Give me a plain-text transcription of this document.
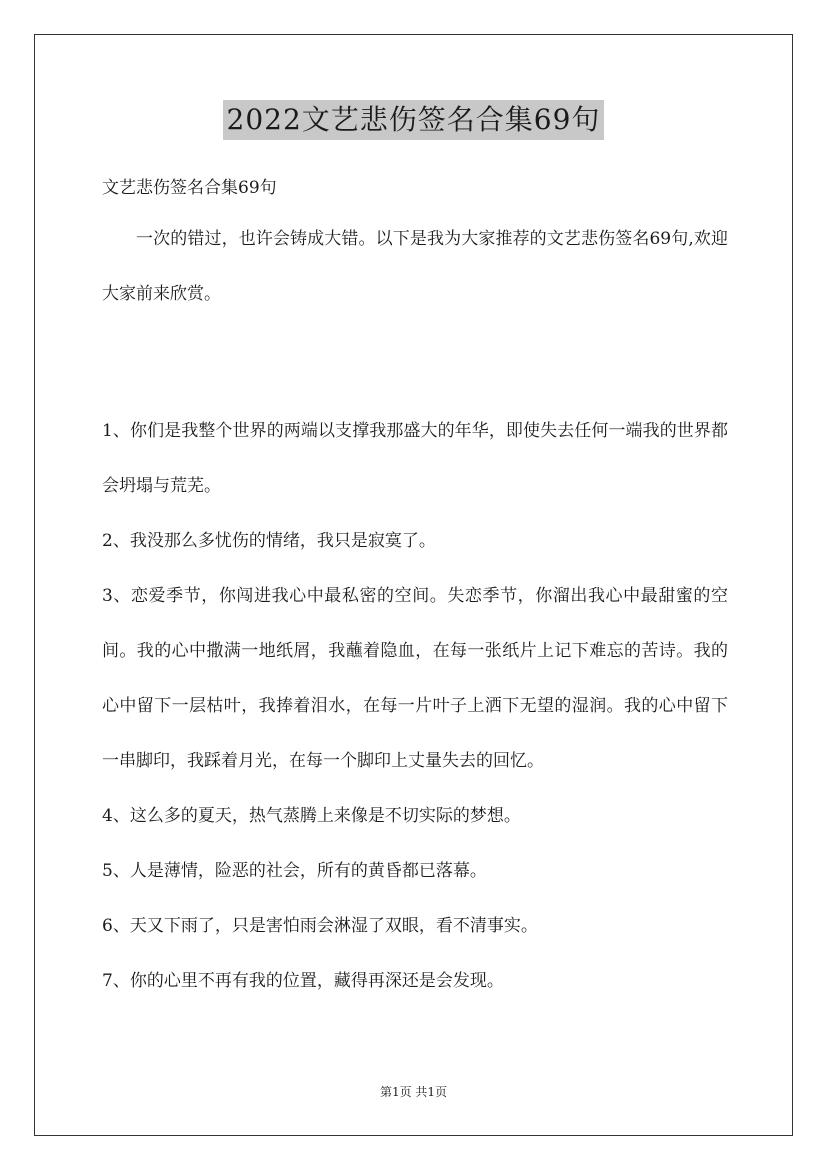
2022文艺悲伤签名合集69句

文艺悲伤签名合集69句

一次的错过，也许会铸成大错。以下是我为大家推荐的文艺悲伤签名69句,欢迎大家前来欣赏。

1、你们是我整个世界的两端以支撑我那盛大的年华，即使失去任何一端我的世界都会坍塌与荒芜。

2、我没那么多忧伤的情绪，我只是寂寞了。

3、恋爱季节，你闯进我心中最私密的空间。失恋季节，你溜出我心中最甜蜜的空间。我的心中撒满一地纸屑，我蘸着隐血，在每一张纸片上记下难忘的苦诗。我的心中留下一层枯叶，我捧着泪水，在每一片叶子上洒下无望的湿润。我的心中留下一串脚印，我踩着月光，在每一个脚印上丈量失去的回忆。

4、这么多的夏天，热气蒸腾上来像是不切实际的梦想。

5、人是薄情，险恶的社会，所有的黄昏都已落幕。

6、天又下雨了，只是害怕雨会淋湿了双眼，看不清事实。

7、你的心里不再有我的位置，藏得再深还是会发现。

第1页 共1页
